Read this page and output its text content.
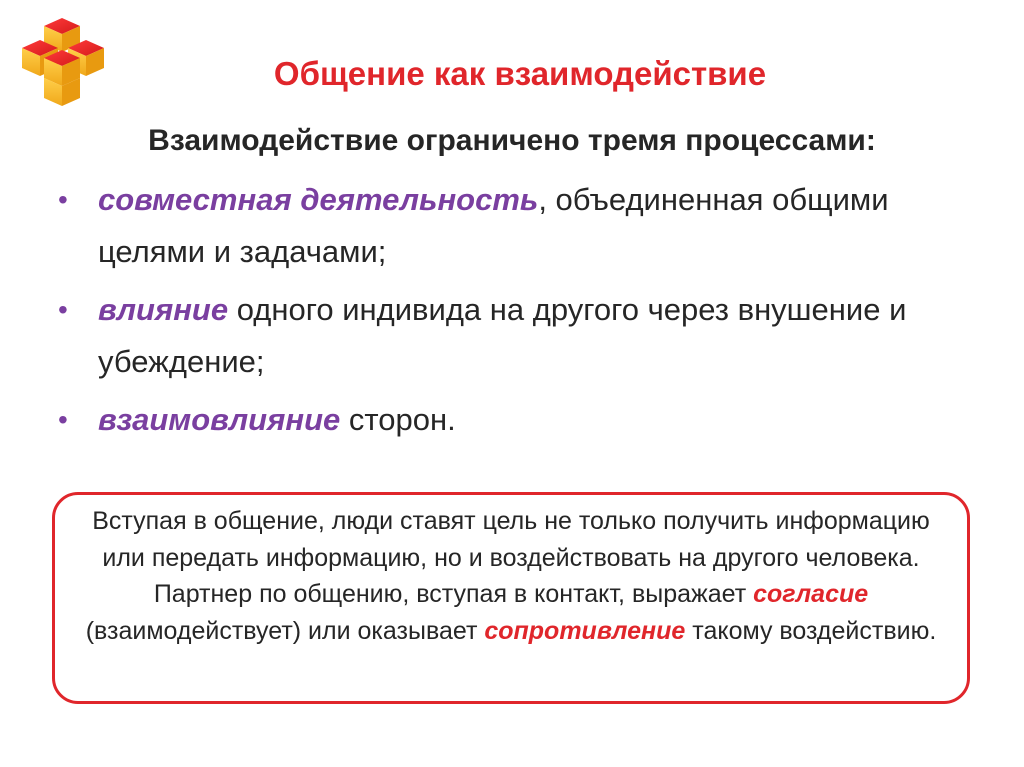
Общение как взаимодействие
Взаимодействие ограничено тремя процессами:
• совместная деятельность, объединенная общими целями и задачами;
• влияние одного индивида на другого через внушение и убеждение;
• взаимовлияние сторон.
Вступая в общение, люди ставят цель не только получить информацию или передать информацию, но и воздействовать на другого человека. Партнер по общению, вступая в контакт, выражает согласие (взаимодействует) или оказывает сопротивление такому воздействию.
